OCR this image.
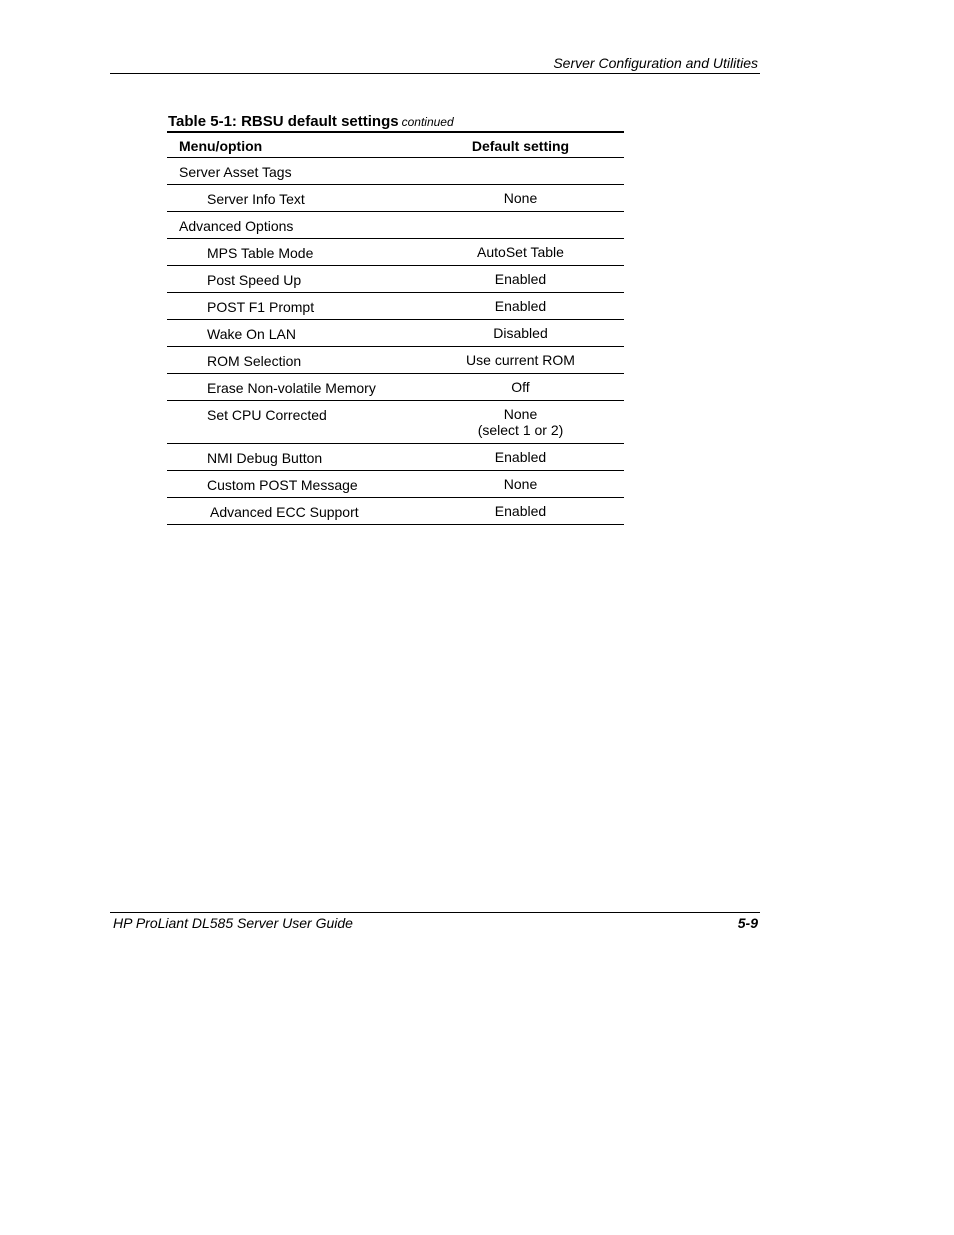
Server Configuration and Utilities
Table 5-1: RBSU default settings continued
Menu/option	Default setting
Server Asset Tags
Server Info Text	None
Advanced Options
MPS Table Mode	AutoSet Table
Post Speed Up	Enabled
POST F1 Prompt	Enabled
Wake On LAN	Disabled
ROM Selection	Use current ROM
Erase Non-volatile Memory	Off
Set CPU Corrected	None
(select 1 or 2)
NMI Debug Button	Enabled
Custom POST Message	None
Advanced ECC Support	Enabled
HP ProLiant DL585 Server User Guide	5-9
